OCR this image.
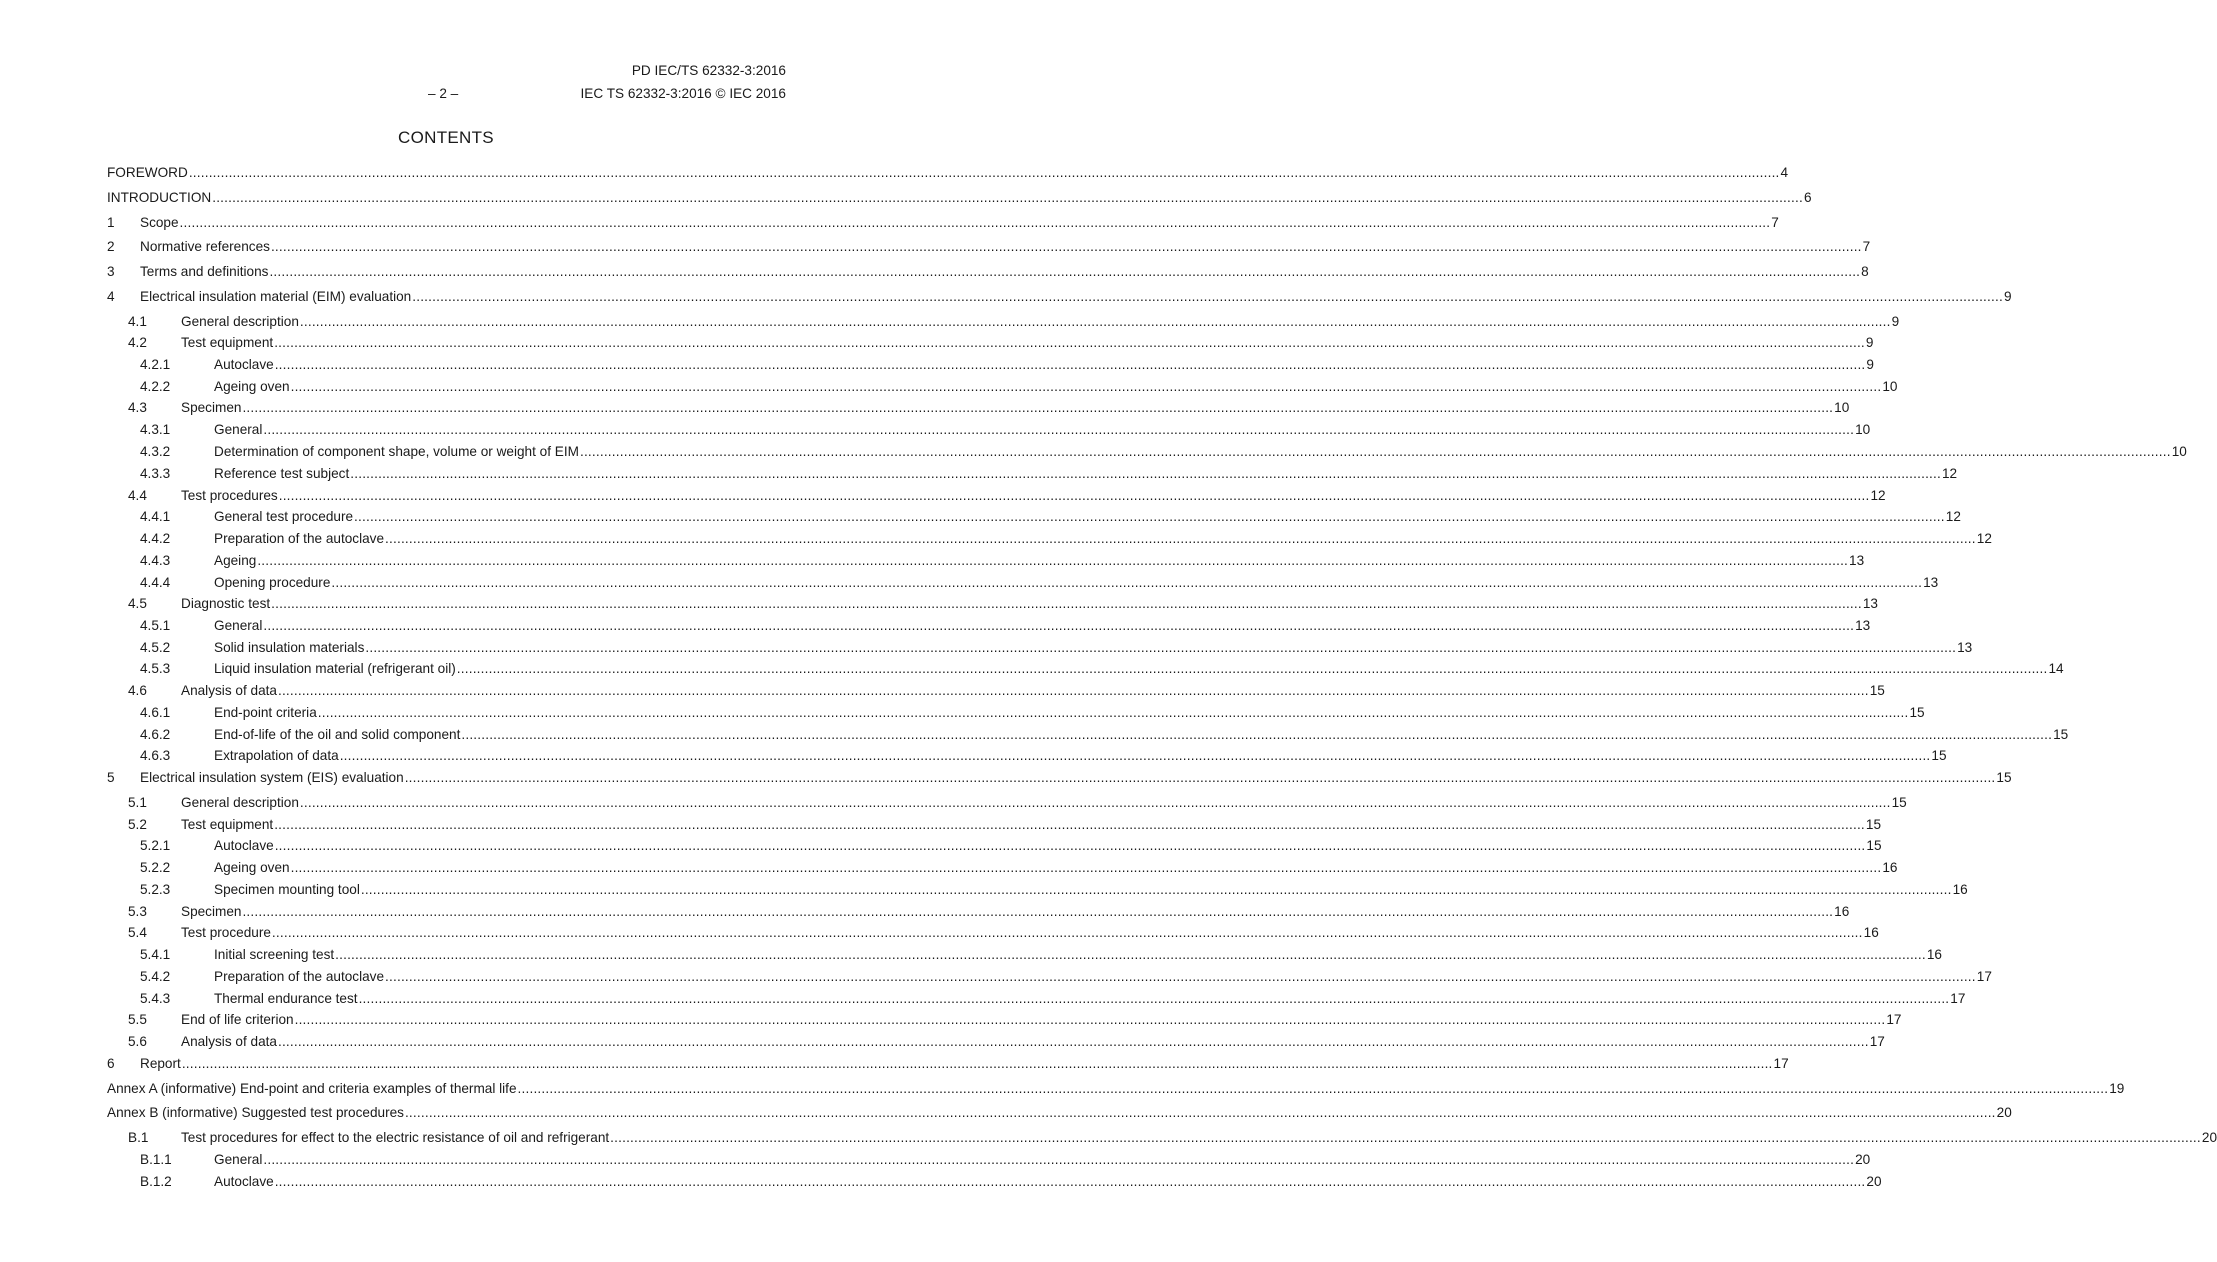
PD IEC/TS 62332-3:2016
– 2 –	IEC TS 62332-3:2016 © IEC 2016
CONTENTS
FOREWORD ................................................................................................................................................................................................................................................................................................................................................................................................................ 4
INTRODUCTION ................................................................................................................................................................................................................................................................................................................................................................................................................ 6
1	Scope ................................................................................................................................................................................................................................................................................................................................................................................................................ 7
2	Normative references ................................................................................................................................................................................................................................................................................................................................................................................................................ 7
3	Terms and definitions ................................................................................................................................................................................................................................................................................................................................................................................................................ 8
4	Electrical insulation material (EIM) evaluation ................................................................................................................................................................................................................................................................................................................................................................................................................ 9
4.1	General description ................................................................................................................................................................................................................................................................................................................................................................................................................ 9
4.2	Test equipment ................................................................................................................................................................................................................................................................................................................................................................................................................ 9
4.2.1	Autoclave ................................................................................................................................................................................................................................................................................................................................................................................................................ 9
4.2.2	Ageing oven ................................................................................................................................................................................................................................................................................................................................................................................................................ 10
4.3	Specimen ................................................................................................................................................................................................................................................................................................................................................................................................................ 10
4.3.1	General ................................................................................................................................................................................................................................................................................................................................................................................................................ 10
4.3.2	Determination of component shape, volume or weight of EIM ................................................................................................................................................................................................................................................................................................................................................................................................................ 10
4.3.3	Reference test subject ................................................................................................................................................................................................................................................................................................................................................................................................................ 12
4.4	Test procedures ................................................................................................................................................................................................................................................................................................................................................................................................................ 12
4.4.1	General test procedure ................................................................................................................................................................................................................................................................................................................................................................................................................ 12
4.4.2	Preparation of the autoclave ................................................................................................................................................................................................................................................................................................................................................................................................................ 12
4.4.3	Ageing ................................................................................................................................................................................................................................................................................................................................................................................................................ 13
4.4.4	Opening procedure ................................................................................................................................................................................................................................................................................................................................................................................................................ 13
4.5	Diagnostic test ................................................................................................................................................................................................................................................................................................................................................................................................................ 13
4.5.1	General ................................................................................................................................................................................................................................................................................................................................................................................................................ 13
4.5.2	Solid insulation materials ................................................................................................................................................................................................................................................................................................................................................................................................................ 13
4.5.3	Liquid insulation material (refrigerant oil) ................................................................................................................................................................................................................................................................................................................................................................................................................ 14
4.6	Analysis of data ................................................................................................................................................................................................................................................................................................................................................................................................................ 15
4.6.1	End-point criteria ................................................................................................................................................................................................................................................................................................................................................................................................................ 15
4.6.2	End-of-life of the oil and solid component ................................................................................................................................................................................................................................................................................................................................................................................................................ 15
4.6.3	Extrapolation of data ................................................................................................................................................................................................................................................................................................................................................................................................................ 15
5	Electrical insulation system (EIS) evaluation ................................................................................................................................................................................................................................................................................................................................................................................................................ 15
5.1	General description ................................................................................................................................................................................................................................................................................................................................................................................................................ 15
5.2	Test equipment ................................................................................................................................................................................................................................................................................................................................................................................................................ 15
5.2.1	Autoclave ................................................................................................................................................................................................................................................................................................................................................................................................................ 15
5.2.2	Ageing oven ................................................................................................................................................................................................................................................................................................................................................................................................................ 16
5.2.3	Specimen mounting tool ................................................................................................................................................................................................................................................................................................................................................................................................................ 16
5.3	Specimen ................................................................................................................................................................................................................................................................................................................................................................................................................ 16
5.4	Test procedure ................................................................................................................................................................................................................................................................................................................................................................................................................ 16
5.4.1	Initial screening test ................................................................................................................................................................................................................................................................................................................................................................................................................ 16
5.4.2	Preparation of the autoclave ................................................................................................................................................................................................................................................................................................................................................................................................................ 17
5.4.3	Thermal endurance test ................................................................................................................................................................................................................................................................................................................................................................................................................ 17
5.5	End of life criterion ................................................................................................................................................................................................................................................................................................................................................................................................................ 17
5.6	Analysis of data ................................................................................................................................................................................................................................................................................................................................................................................................................ 17
6	Report ................................................................................................................................................................................................................................................................................................................................................................................................................ 17
Annex A (informative) End-point and criteria examples of thermal life ................................................................................................................................................................................................................................................................................................................................................................................................................ 19
Annex B (informative) Suggested test procedures ................................................................................................................................................................................................................................................................................................................................................................................................................ 20
B.1	Test procedures for effect to the electric resistance of oil and refrigerant ................................................................................................................................................................................................................................................................................................................................................................................................................ 20
B.1.1	General ................................................................................................................................................................................................................................................................................................................................................................................................................ 20
B.1.2	Autoclave ................................................................................................................................................................................................................................................................................................................................................................................................................ 20
